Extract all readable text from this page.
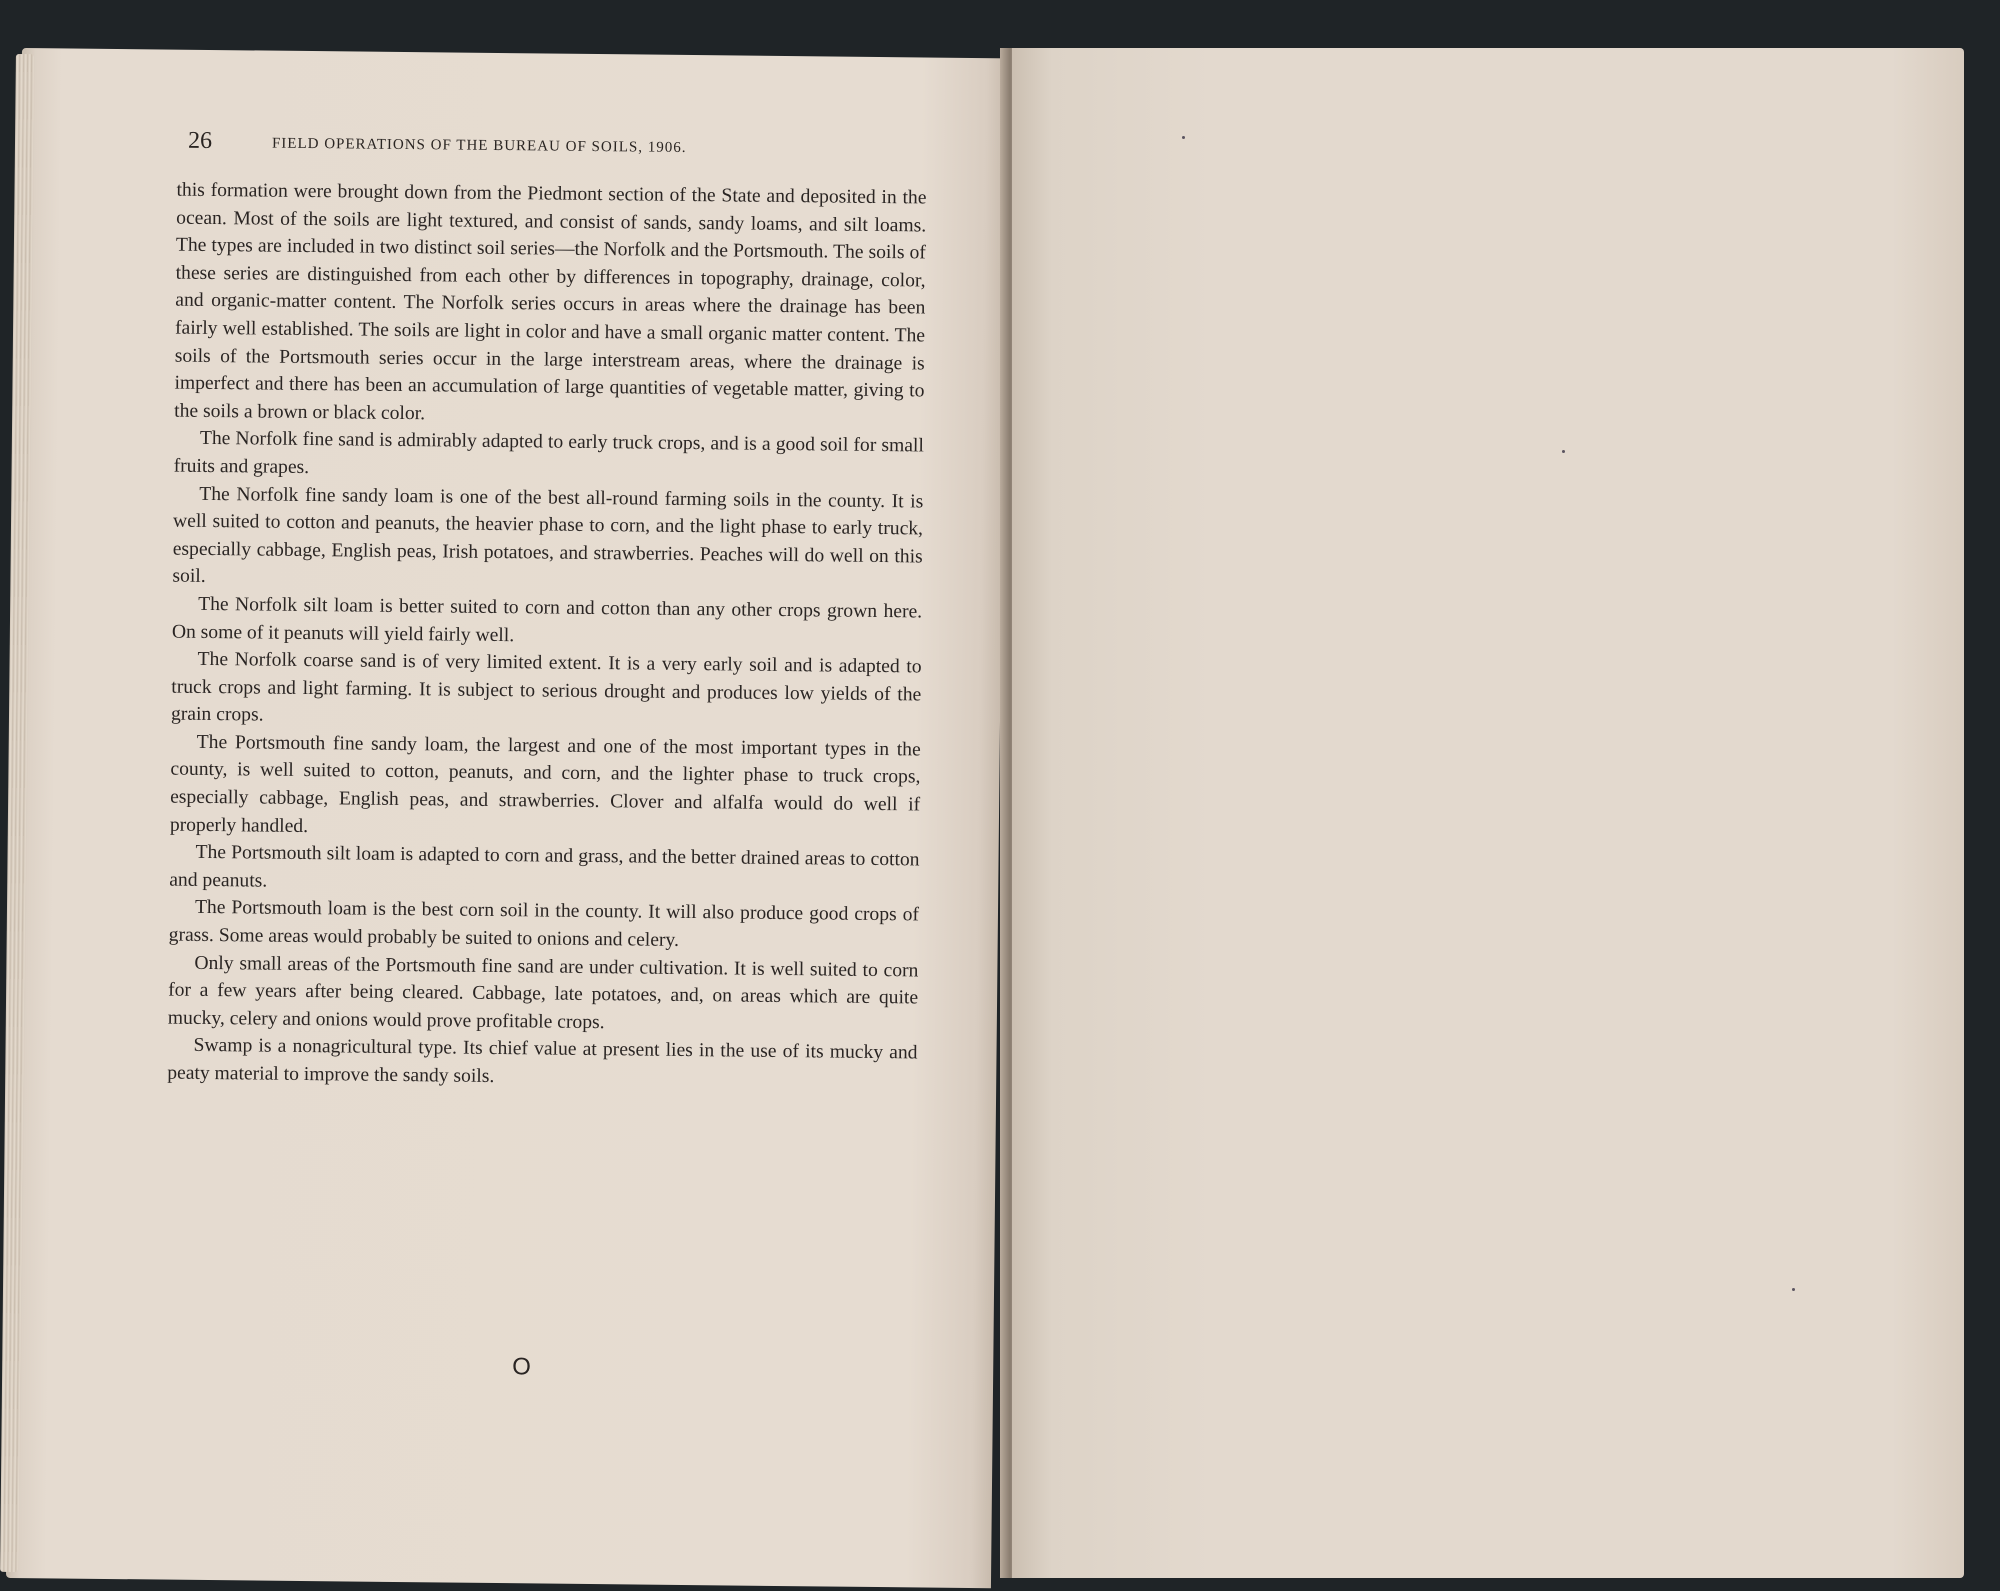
26	FIELD OPERATIONS OF THE BUREAU OF SOILS, 1906.

this formation were brought down from the Piedmont section of the State and deposited in the ocean. Most of the soils are light textured, and consist of sands, sandy loams, and silt loams. The types are included in two distinct soil series—the Norfolk and the Portsmouth. The soils of these series are distinguished from each other by differences in topography, drainage, color, and organic-matter content. The Norfolk series occurs in areas where the drainage has been fairly well established. The soils are light in color and have a small organic matter content. The soils of the Portsmouth series occur in the large interstream areas, where the drainage is imperfect and there has been an accumulation of large quantities of vegetable matter, giving to the soils a brown or black color.

The Norfolk fine sand is admirably adapted to early truck crops, and is a good soil for small fruits and grapes.

The Norfolk fine sandy loam is one of the best all-round farming soils in the county. It is well suited to cotton and peanuts, the heavier phase to corn, and the light phase to early truck, especially cabbage, English peas, Irish potatoes, and strawberries. Peaches will do well on this soil.

The Norfolk silt loam is better suited to corn and cotton than any other crops grown here. On some of it peanuts will yield fairly well.

The Norfolk coarse sand is of very limited extent. It is a very early soil and is adapted to truck crops and light farming. It is subject to serious drought and produces low yields of the grain crops.

The Portsmouth fine sandy loam, the largest and one of the most important types in the county, is well suited to cotton, peanuts, and corn, and the lighter phase to truck crops, especially cabbage, English peas, and strawberries. Clover and alfalfa would do well if properly handled.

The Portsmouth silt loam is adapted to corn and grass, and the better drained areas to cotton and peanuts.

The Portsmouth loam is the best corn soil in the county. It will also produce good crops of grass. Some areas would probably be suited to onions and celery.

Only small areas of the Portsmouth fine sand are under cultivation. It is well suited to corn for a few years after being cleared. Cabbage, late potatoes, and, on areas which are quite mucky, celery and onions would prove profitable crops.

Swamp is a nonagricultural type. Its chief value at present lies in the use of its mucky and peaty material to improve the sandy soils.

O
